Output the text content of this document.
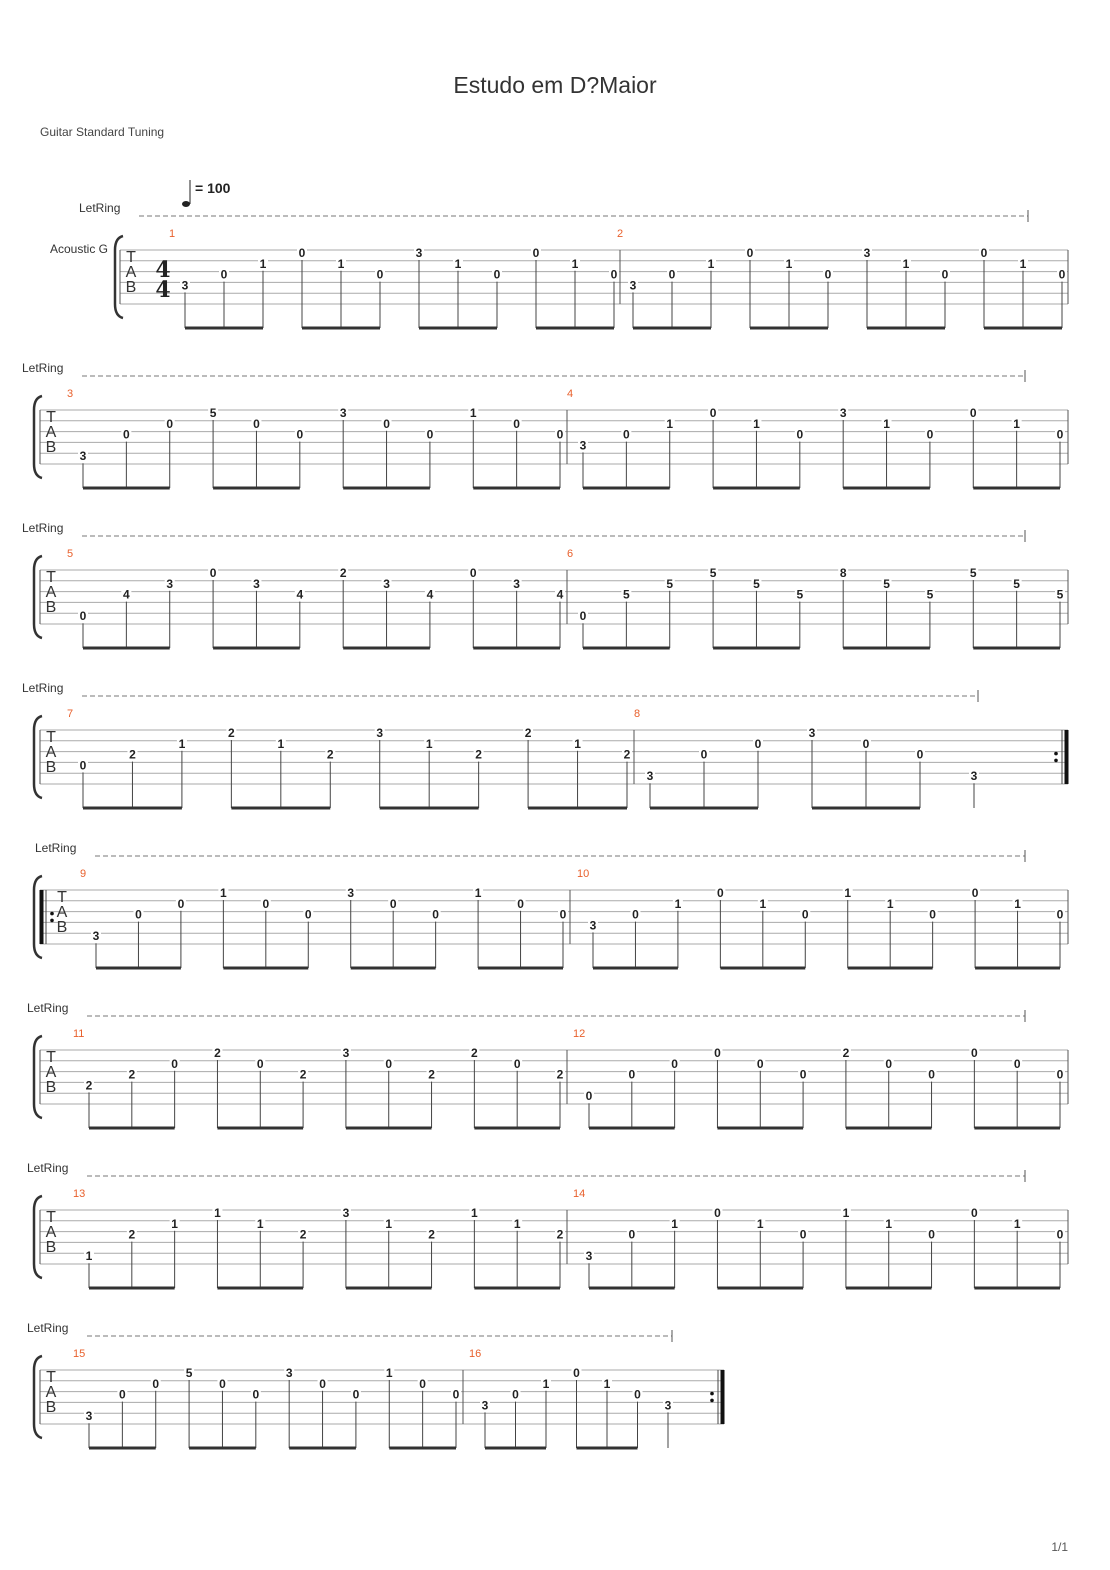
Estudo em D?Maior
Guitar Standard Tuning
LetRing
T
A
B
Acoustic G
4
4
= 100
1
3
0
1
0
1
0
3
1
0
0
1
0
2
3
0
1
0
1
0
3
1
0
0
1
0
LetRing
T
A
B
3
3
0
0
5
0
0
3
0
0
1
0
0
4
3
0
1
0
1
0
3
1
0
0
1
0
LetRing
T
A
B
5
0
4
3
0
3
4
2
3
4
0
3
4
6
0
5
5
5
5
5
8
5
5
5
5
5
LetRing
T
A
B
7
0
2
1
2
1
2
3
1
2
2
1
2
8
3
0
0
3
0
0
3
LetRing
T
A
B
9
3
0
0
1
0
0
3
0
0
1
0
0
10
3
0
1
0
1
0
1
1
0
0
1
0
LetRing
T
A
B
11
2
2
0
2
0
2
3
0
2
2
0
2
12
0
0
0
0
0
0
2
0
0
0
0
0
LetRing
T
A
B
13
1
2
1
1
1
2
3
1
2
1
1
2
14
3
0
1
0
1
0
1
1
0
0
1
0
LetRing
T
A
B
15
3
0
0
5
0
0
3
0
0
1
0
0
16
3
0
1
0
1
0
3
1/1
